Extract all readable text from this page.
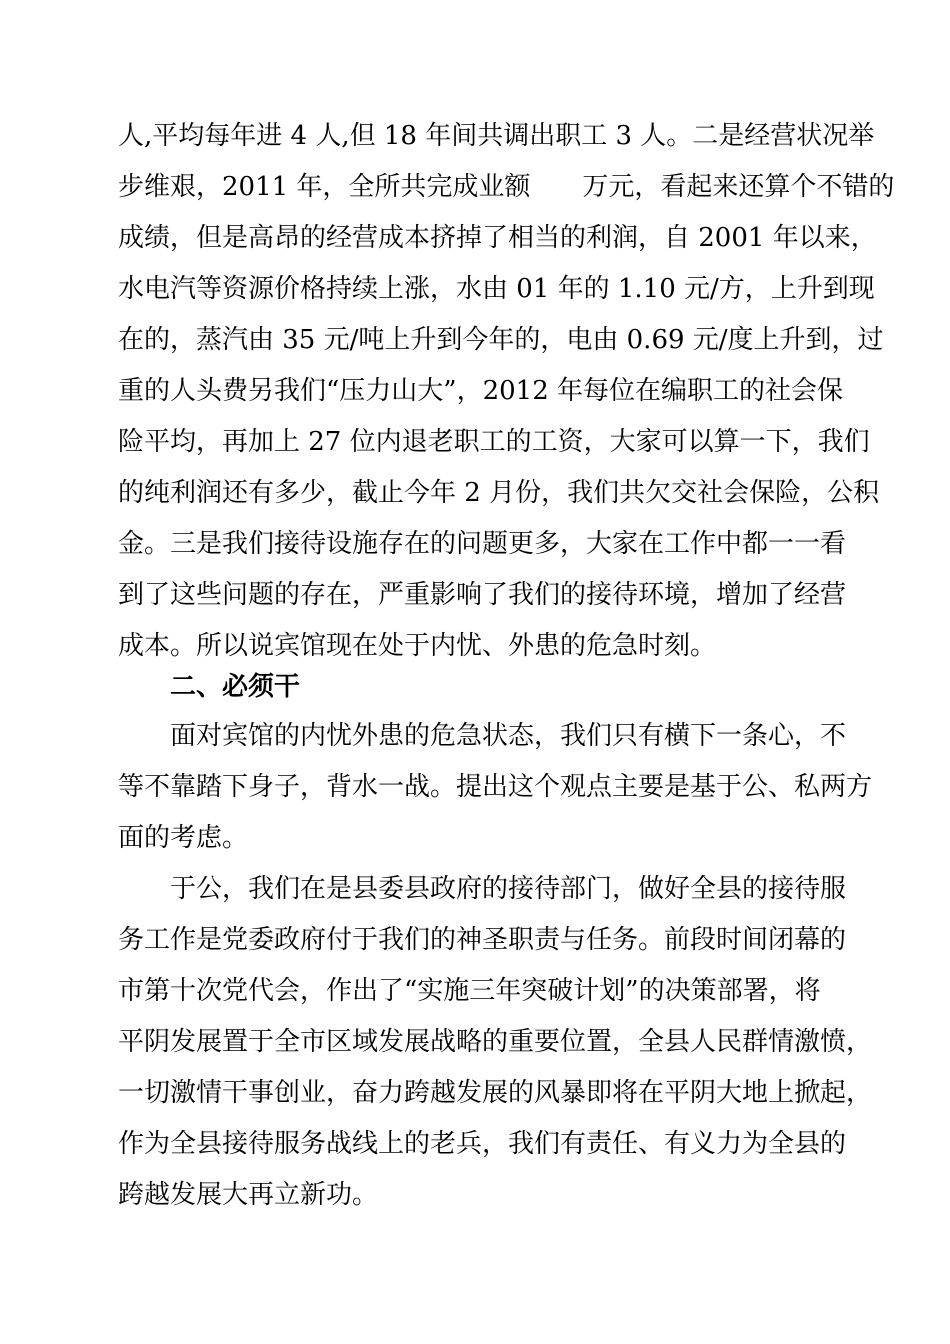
人,平均每年进 4 人,但 18 年间共调出职工 3 人。二是经营状况举
步维艰，2011 年，全所共完成业额　　万元，看起来还算个不错的
成绩，但是高昂的经营成本挤掉了相当的利润，自 2001 年以来，
水电汽等资源价格持续上涨，水由 01 年的 1.10 元/方，上升到现
在的，蒸汽由 35 元/吨上升到今年的，电由 0.69 元/度上升到，过
重的人头费另我们“压力山大”，2012 年每位在编职工的社会保
险平均，再加上 27 位内退老职工的工资，大家可以算一下，我们
的纯利润还有多少，截止今年 2 月份，我们共欠交社会保险，公积
金。三是我们接待设施存在的问题更多，大家在工作中都一一看
到了这些问题的存在，严重影响了我们的接待环境，增加了经营
成本。所以说宾馆现在处于内忧、外患的危急时刻。
二、必须干
面对宾馆的内忧外患的危急状态，我们只有横下一条心，不
等不靠踏下身子，背水一战。提出这个观点主要是基于公、私两方
面的考虑。
于公，我们在是县委县政府的接待部门，做好全县的接待服
务工作是党委政府付于我们的神圣职责与任务。前段时间闭幕的
市第十次党代会，作出了“实施三年突破计划”的决策部署，将
平阴发展置于全市区域发展战略的重要位置，全县人民群情激愤，
一切激情干事创业，奋力跨越发展的风暴即将在平阴大地上掀起，
作为全县接待服务战线上的老兵，我们有责任、有义力为全县的
跨越发展大再立新功。
